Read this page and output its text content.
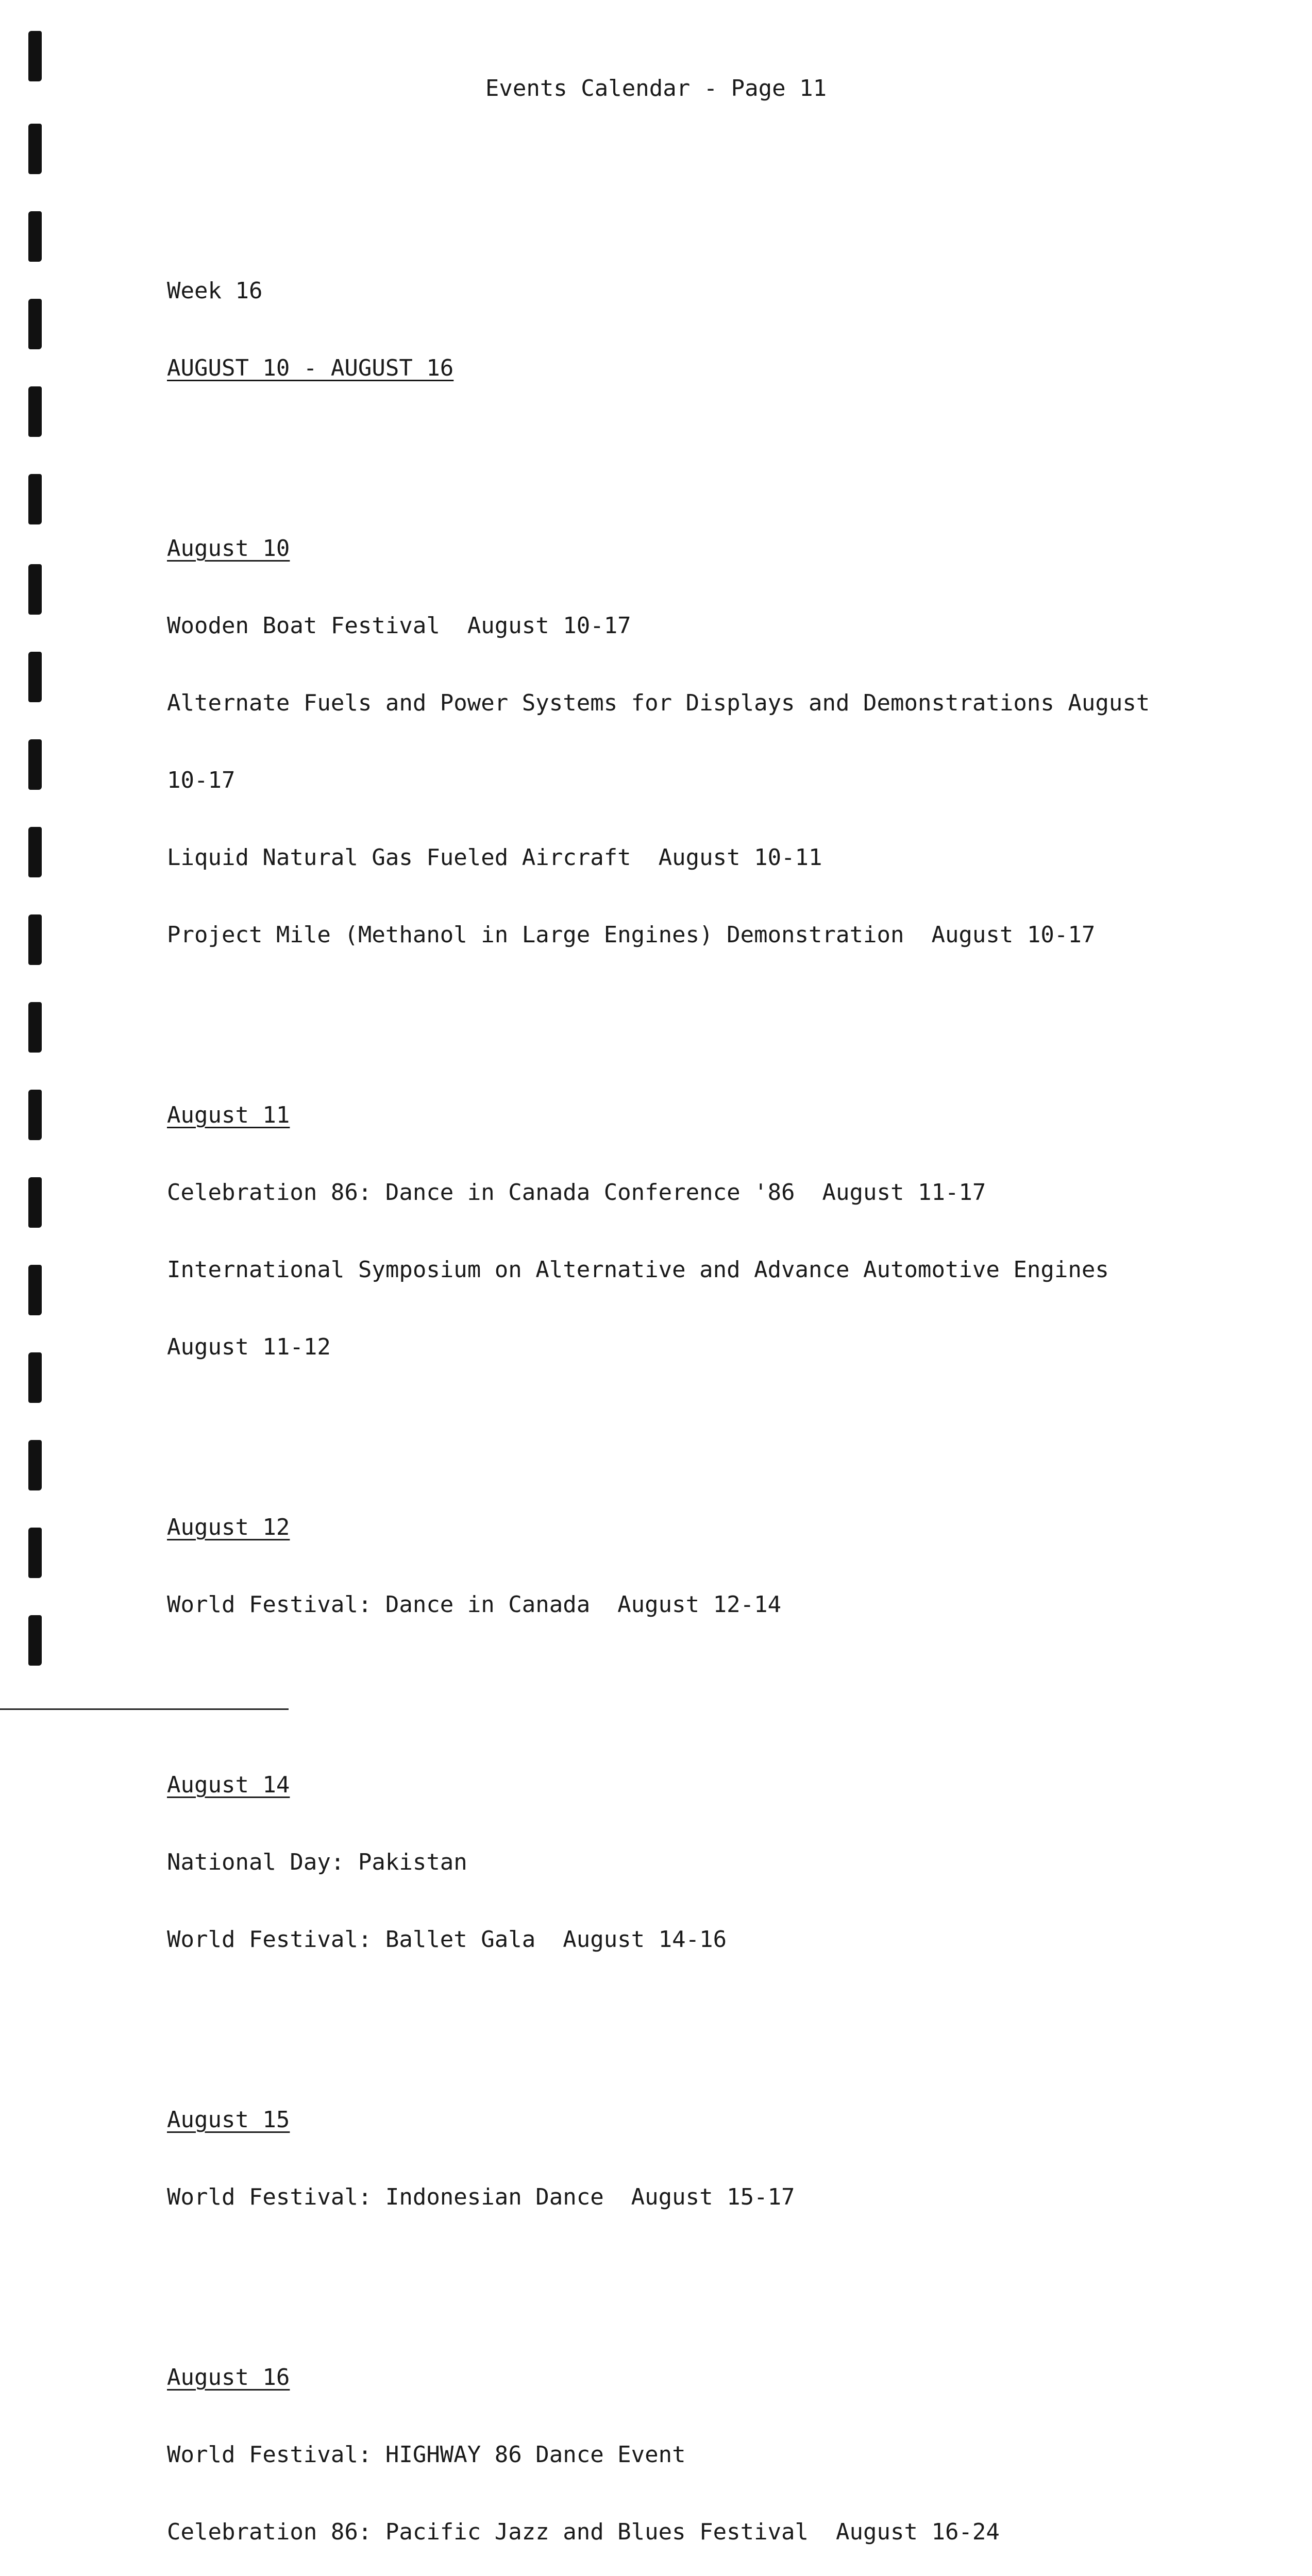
Events Calendar - Page 11

Week 16

AUGUST 10 - AUGUST 16

August 10

Wooden Boat Festival  August 10-17

Alternate Fuels and Power Systems for Displays and Demonstrations August

10-17

Liquid Natural Gas Fueled Aircraft  August 10-11

Project Mile (Methanol in Large Engines) Demonstration  August 10-17

August 11

Celebration 86: Dance in Canada Conference '86  August 11-17

International Symposium on Alternative and Advance Automotive Engines

August 11-12

August 12

World Festival: Dance in Canada  August 12-14

August 14

National Day: Pakistan

World Festival: Ballet Gala  August 14-16

August 15

World Festival: Indonesian Dance  August 15-17

August 16

World Festival: HIGHWAY 86 Dance Event

Celebration 86: Pacific Jazz and Blues Festival  August 16-24
